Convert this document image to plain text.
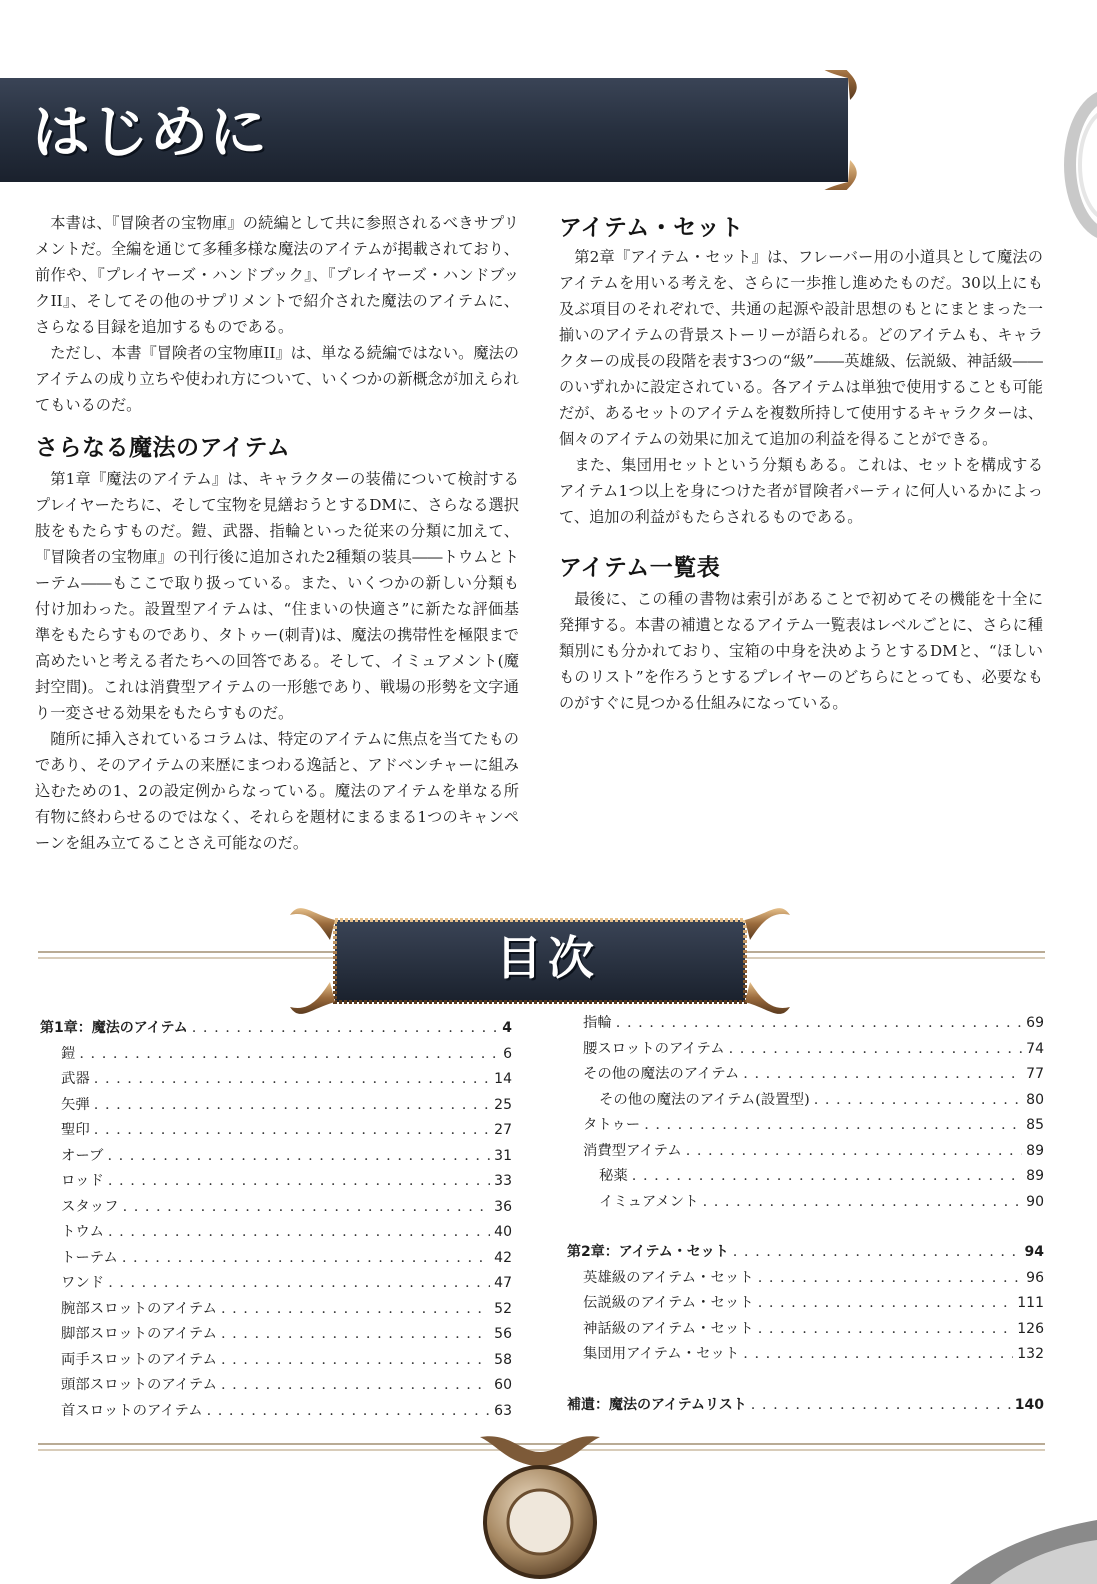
はじめに

本書は、『冒険者の宝物庫』の続編として共に参照されるべきサプリメントだ。全編を通じて多種多様な魔法のアイテムが掲載されており、前作や、『プレイヤーズ・ハンドブック』、『プレイヤーズ・ハンドブックII』、そしてその他のサプリメントで紹介された魔法のアイテムに、さらなる目録を追加するものである。

ただし、本書『冒険者の宝物庫II』は、単なる続編ではない。魔法のアイテムの成り立ちや使われ方について、いくつかの新概念が加えられてもいるのだ。

さらなる魔法のアイテム

第1章『魔法のアイテム』は、キャラクターの装備について検討するプレイヤーたちに、そして宝物を見繕おうとするDMに、さらなる選択肢をもたらすものだ。鎧、武器、指輪といった従来の分類に加えて、『冒険者の宝物庫』の刊行後に追加された2種類の装具――トウムとトーテム――もここで取り扱っている。また、いくつかの新しい分類も付け加わった。設置型アイテムは、“住まいの快適さ”に新たな評価基準をもたらすものであり、タトゥー(刺青)は、魔法の携帯性を極限まで高めたいと考える者たちへの回答である。そして、イミュアメント(魔封空間)。これは消費型アイテムの一形態であり、戦場の形勢を文字通り一変させる効果をもたらすものだ。

随所に挿入されているコラムは、特定のアイテムに焦点を当てたものであり、そのアイテムの来歴にまつわる逸話と、アドベンチャーに組み込むための1、2の設定例からなっている。魔法のアイテムを単なる所有物に終わらせるのではなく、それらを題材にまるまる1つのキャンペーンを組み立てることさえ可能なのだ。

アイテム・セット

第2章『アイテム・セット』は、フレーバー用の小道具として魔法のアイテムを用いる考えを、さらに一歩推し進めたものだ。30以上にも及ぶ項目のそれぞれで、共通の起源や設計思想のもとにまとまった一揃いのアイテムの背景ストーリーが語られる。どのアイテムも、キャラクターの成長の段階を表す3つの“級”――英雄級、伝説級、神話級――のいずれかに設定されている。各アイテムは単独で使用することも可能だが、あるセットのアイテムを複数所持して使用するキャラクターは、個々のアイテムの効果に加えて追加の利益を得ることができる。

また、集団用セットという分類もある。これは、セットを構成するアイテム1つ以上を身につけた者が冒険者パーティに何人いるかによって、追加の利益がもたらされるものである。

アイテム一覧表

最後に、この種の書物は索引があることで初めてその機能を十全に発揮する。本書の補遺となるアイテム一覧表はレベルごとに、さらに種類別にも分かれており、宝箱の中身を決めようとするDMと、“ほしいものリスト”を作ろうとするプレイヤーのどちらにとっても、必要なものがすぐに見つかる仕組みになっている。

目次
第1章：魔法のアイテム . . .	4
鎧 . . .	6
武器 . . .	14
矢弾 . . .	25
聖印 . . .	27
オーブ . . .	31
ロッド . . .	33
スタッフ . . .	36
トウム . . .	40
トーテム . . .	42
ワンド . . .	47
腕部スロットのアイテム . . .	52
脚部スロットのアイテム . . .	56
両手スロットのアイテム . . .	58
頭部スロットのアイテム . . .	60
首スロットのアイテム . . .	63
指輪 . . .	69
腰スロットのアイテム . . .	74
その他の魔法のアイテム . . .	77
その他の魔法のアイテム(設置型) . . .	80
タトゥー . . .	85
消費型アイテム . . .	89
秘薬 . . .	89
イミュアメント . . .	90
第2章：アイテム・セット . . .	94
英雄級のアイテム・セット . . .	96
伝説級のアイテム・セット . . .	111
神話級のアイテム・セット . . .	126
集団用アイテム・セット . . .	132
補遺：魔法のアイテムリスト . . .	140
